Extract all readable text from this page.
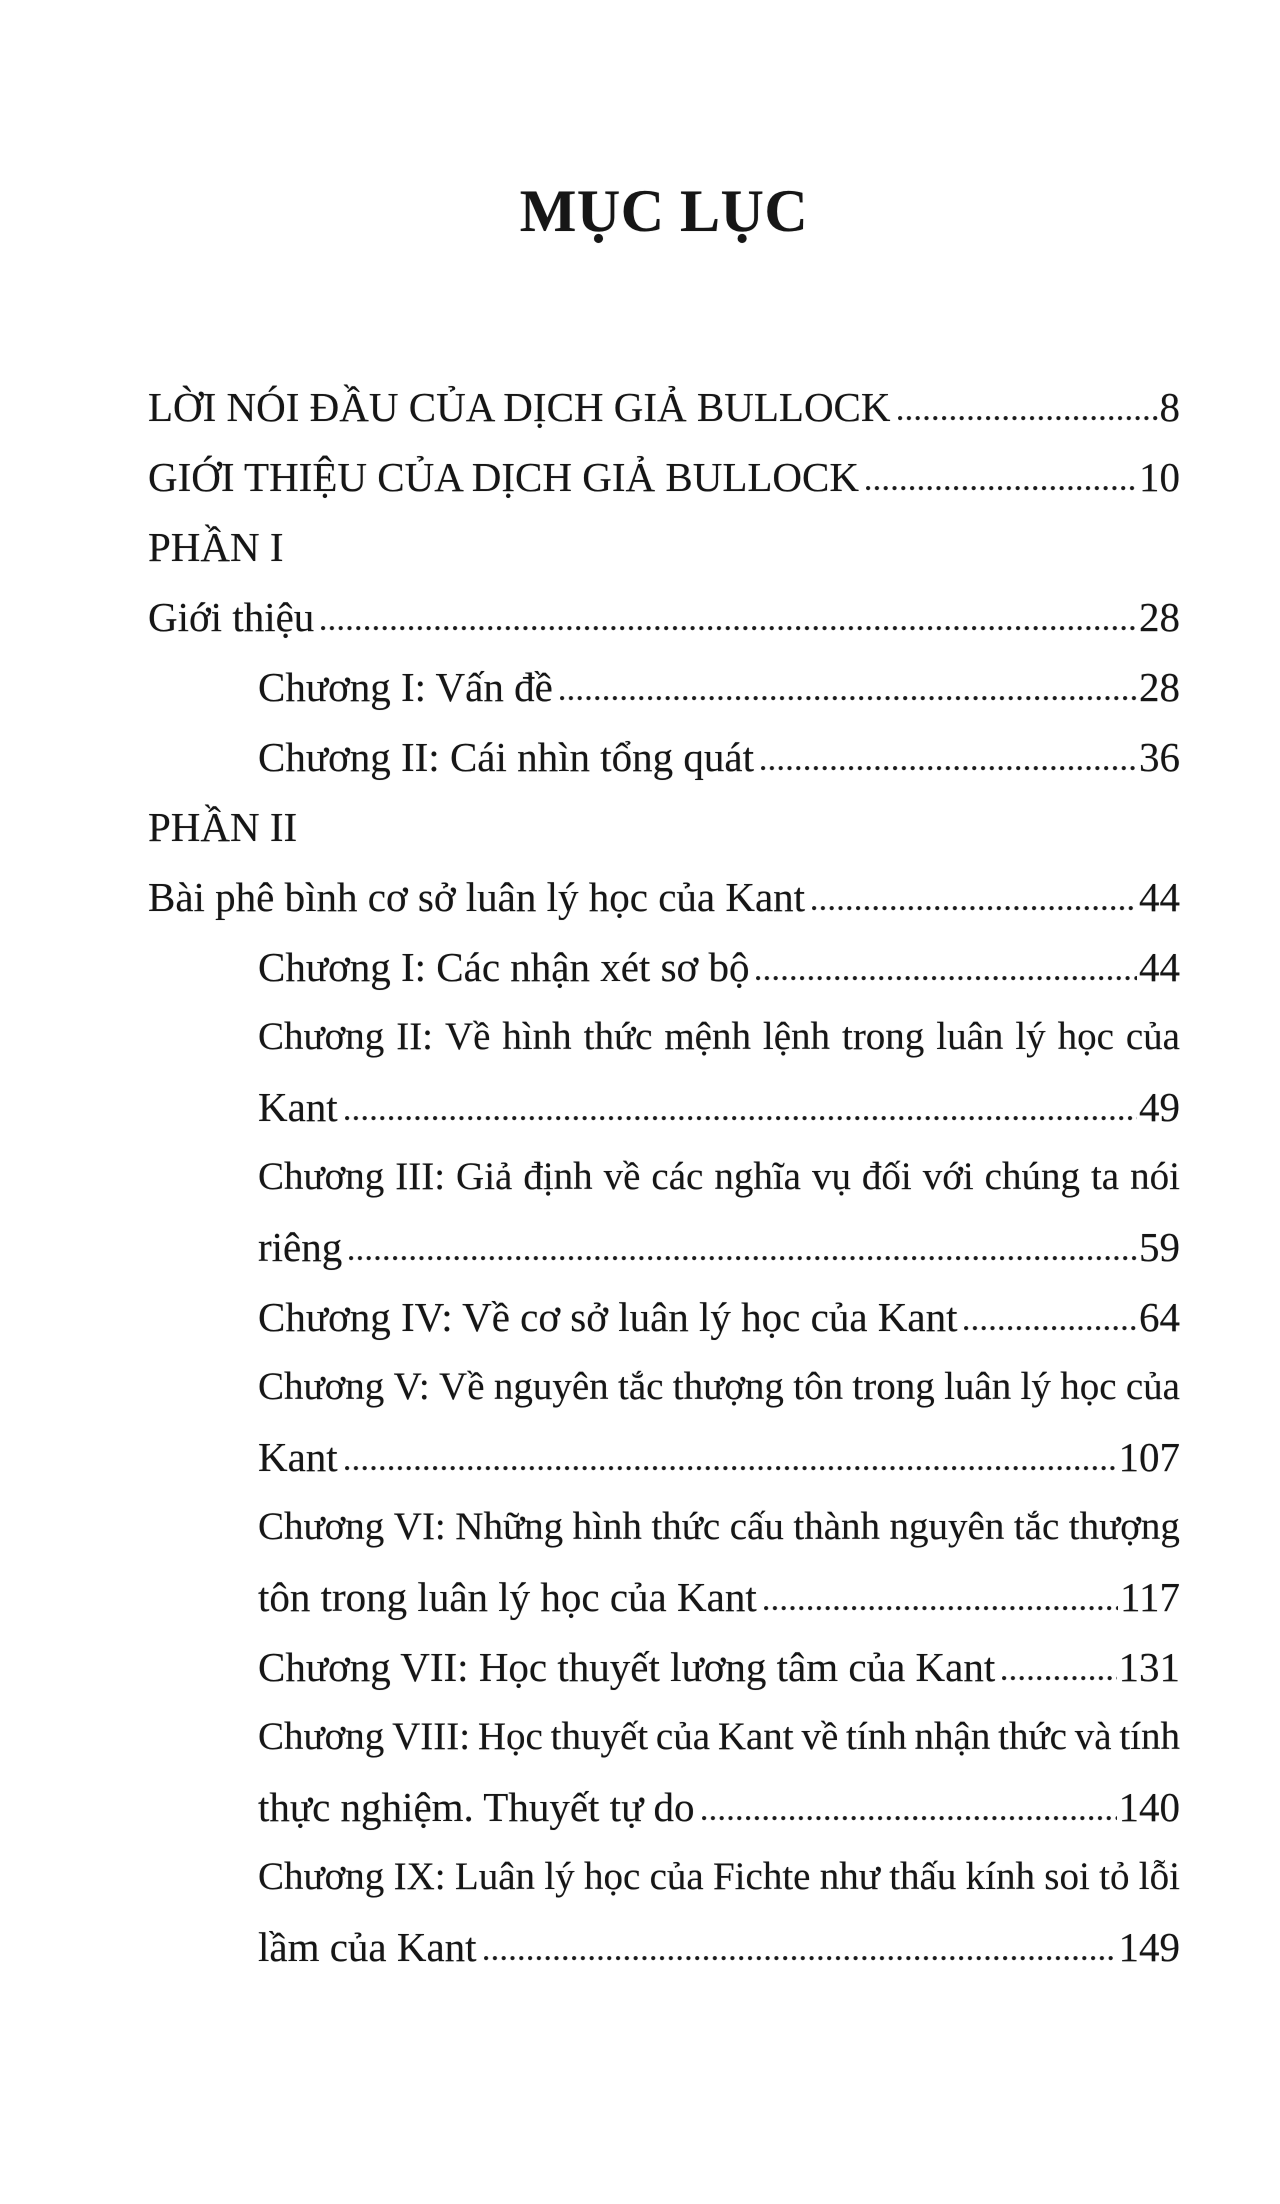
MỤC LỤC
LỜI NÓI ĐẦU CỦA DỊCH GIẢ BULLOCK	8
GIỚI THIỆU CỦA DỊCH GIẢ BULLOCK	10
PHẦN I
Giới thiệu	28
Chương I: Vấn đề	28
Chương II: Cái nhìn tổng quát	36
PHẦN II
Bài phê bình cơ sở luân lý học của Kant	44
Chương I: Các nhận xét sơ bộ	44
Chương II: Về hình thức mệnh lệnh trong luân lý học của
Kant	49
Chương III: Giả định về các nghĩa vụ đối với chúng ta nói
riêng	59
Chương IV: Về cơ sở luân lý học của Kant	64
Chương V: Về nguyên tắc thượng tôn trong luân lý học của
Kant	107
Chương VI: Những hình thức cấu thành nguyên tắc thượng
tôn trong luân lý học của Kant	117
Chương VII: Học thuyết lương tâm của Kant	131
Chương VIII: Học thuyết của Kant về tính nhận thức và tính
thực nghiệm. Thuyết tự do	140
Chương IX: Luân lý học của Fichte như thấu kính soi tỏ lỗi
lầm của Kant	149
